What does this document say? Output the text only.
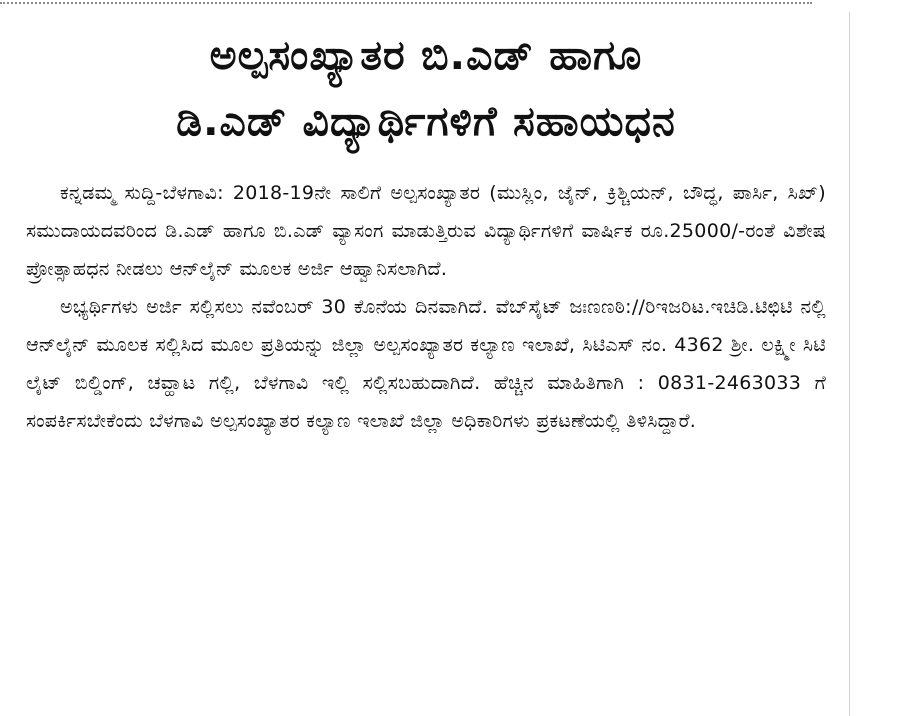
ಅಲ್ಪಸಂಖ್ಯಾತರ ಬಿ.ಎಡ್ ಹಾಗೂ
ಡಿ.ಎಡ್ ವಿದ್ಯಾರ್ಥಿಗಳಿಗೆ ಸಹಾಯಧನ

ಕನ್ನಡಮ್ಮ ಸುದ್ದಿ-ಬೆಳಗಾವಿ: 2018-19ನೇ ಸಾಲಿಗೆ ಅಲ್ಪಸಂಖ್ಯಾತರ (ಮುಸ್ಲಿಂ, ಜೈನ್, ಕ್ರಿಶ್ಚಿಯನ್, ಬೌದ್ಧ, ಪಾರ್ಸಿ, ಸಿಖ್) ಸಮುದಾಯದವರಿಂದ ಡಿ.ಎಡ್ ಹಾಗೂ ಬಿ.ಎಡ್ ವ್ಯಾಸಂಗ ಮಾಡುತ್ತಿರುವ ವಿದ್ಯಾರ್ಥಿಗಳಿಗೆ ವಾರ್ಷಿಕ ರೂ.25000/-ರಂತೆ ವಿಶೇಷ ಪ್ರೋತ್ಸಾಹಧನ ನೀಡಲು ಆನ್‌ಲೈನ್ ಮೂಲಕ ಅರ್ಜಿ ಆಹ್ವಾನಿಸಲಾಗಿದೆ.

ಅಭ್ಯರ್ಥಿಗಳು ಅರ್ಜಿ ಸಲ್ಲಿಸಲು ನವೆಂಬರ್ 30 ಕೊನೆಯ ದಿನವಾಗಿದೆ. ವೆಬ್‌ಸೈಟ್ ಜಃಣಣಠಿ://ರಿಇಜರಿಟ.ಇಚಿಡಿ.ಟಿಛಿಟಿ ನಲ್ಲಿ ಆನ್‌ಲೈನ್ ಮೂಲಕ ಸಲ್ಲಿಸಿದ ಮೂಲ ಪ್ರತಿಯನ್ನು ಜಿಲ್ಲಾ ಅಲ್ಪಸಂಖ್ಯಾತರ ಕಲ್ಯಾಣ ಇಲಾಖೆ, ಸಿಟಿಎಸ್ ನಂ. 4362 ಶ್ರೀ. ಲಕ್ಷ್ಮೀ ಸಿಟಿ ಲೈಟ್ ಬಿಲ್ಡಿಂಗ್, ಚವ್ಹಾಟ ಗಲ್ಲಿ, ಬೆಳಗಾವಿ ಇಲ್ಲಿ ಸಲ್ಲಿಸಬಹುದಾಗಿದೆ. ಹೆಚ್ಚಿನ ಮಾಹಿತಿಗಾಗಿ : 0831-2463033 ಗೆ ಸಂಪರ್ಕಿಸಬೇಕೆಂದು ಬೆಳಗಾವಿ ಅಲ್ಪಸಂಖ್ಯಾತರ ಕಲ್ಯಾಣ ಇಲಾಖೆ ಜಿಲ್ಲಾ ಅಧಿಕಾರಿಗಳು ಪ್ರಕಟಣೆಯಲ್ಲಿ ತಿಳಿಸಿದ್ದಾರೆ.
